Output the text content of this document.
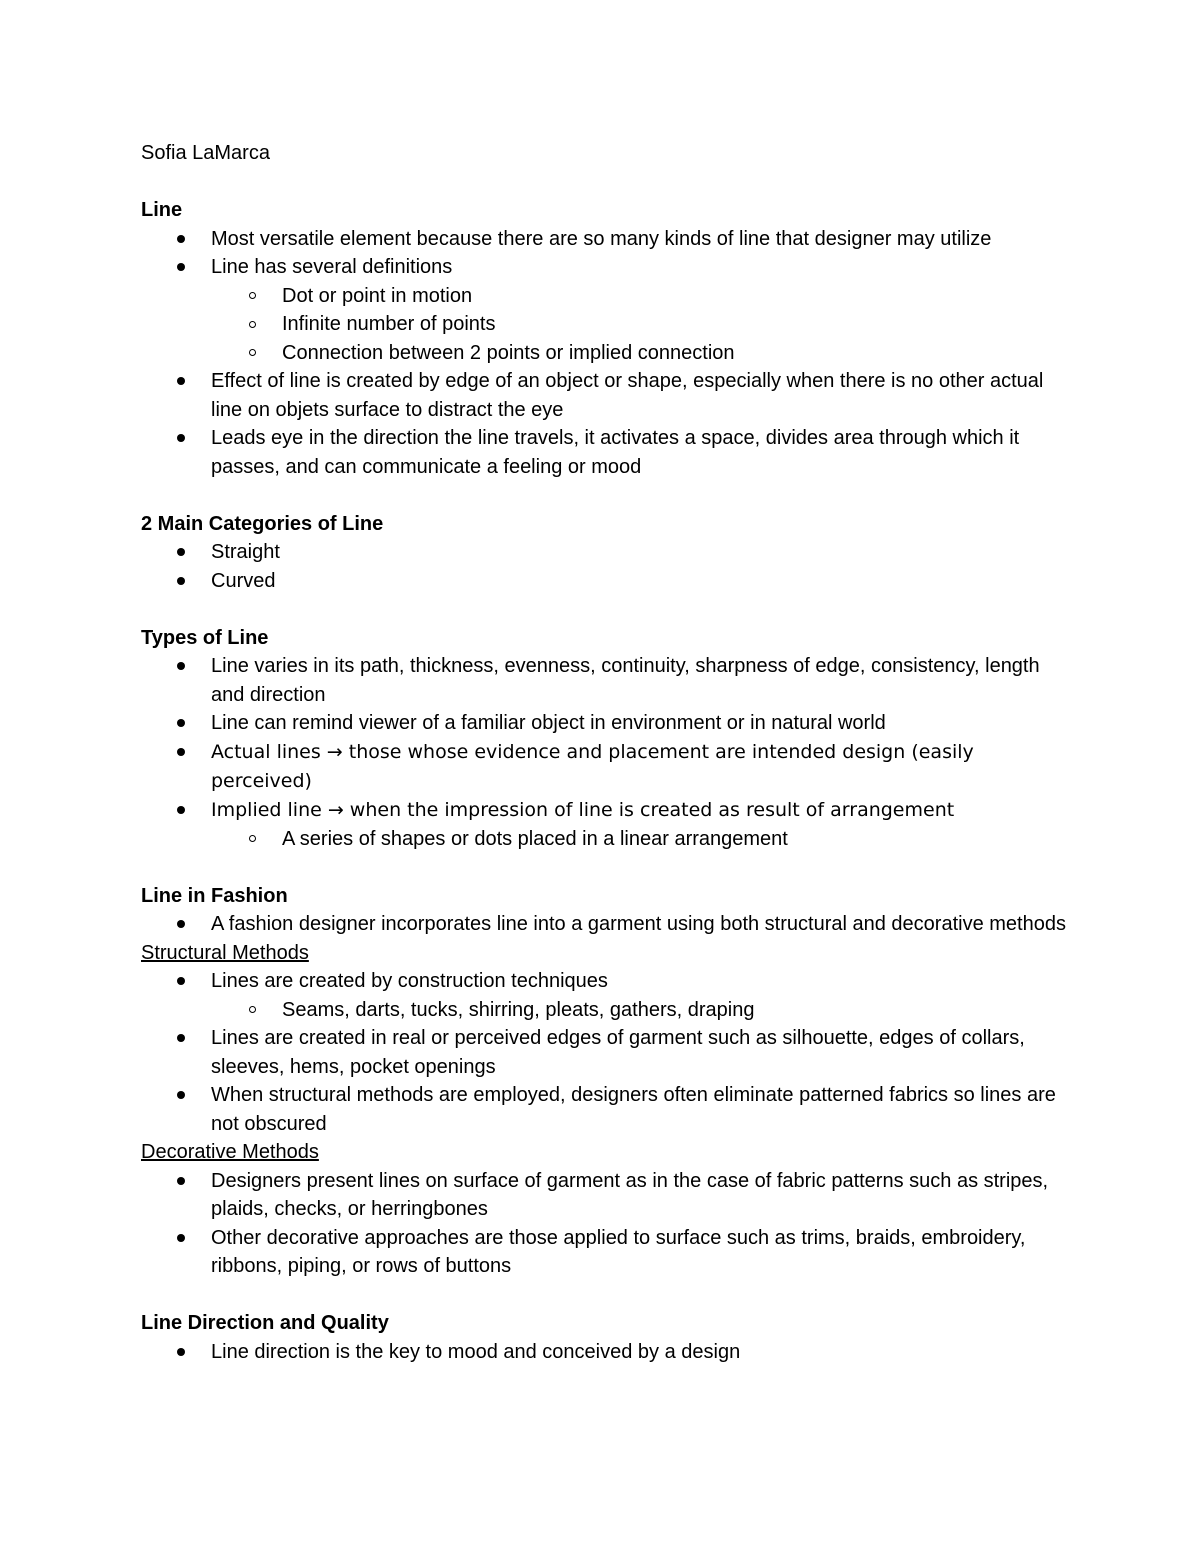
Sofia LaMarca

Line

Most versatile element because there are so many kinds of line that designer may utilize
Line has several definitions
Dot or point in motion
Infinite number of points
Connection between 2 points or implied connection
Effect of line is created by edge of an object or shape, especially when there is no other actual line on objets surface to distract the eye
Leads eye in the direction the line travels, it activates a space, divides area through which it passes, and can communicate a feeling or mood

2 Main Categories of Line

Straight
Curved

Types of Line

Line varies in its path, thickness, evenness, continuity, sharpness of edge, consistency, length and direction
Line can remind viewer of a familiar object in environment or in natural world
Actual lines → those whose evidence and placement are intended design (easily perceived)
Implied line → when the impression of line is created as result of arrangement
A series of shapes or dots placed in a linear arrangement

Line in Fashion

A fashion designer incorporates line into a garment using both structural and decorative methods

Structural Methods

Lines are created by construction techniques
Seams, darts, tucks, shirring, pleats, gathers, draping
Lines are created in real or perceived edges of garment such as silhouette, edges of collars, sleeves, hems, pocket openings
When structural methods are employed, designers often eliminate patterned fabrics so lines are not obscured

Decorative Methods

Designers present lines on surface of garment as in the case of fabric patterns such as stripes, plaids, checks, or herringbones
Other decorative approaches are those applied to surface such as trims, braids, embroidery, ribbons, piping, or rows of buttons

Line Direction and Quality

Line direction is the key to mood and conceived by a design
